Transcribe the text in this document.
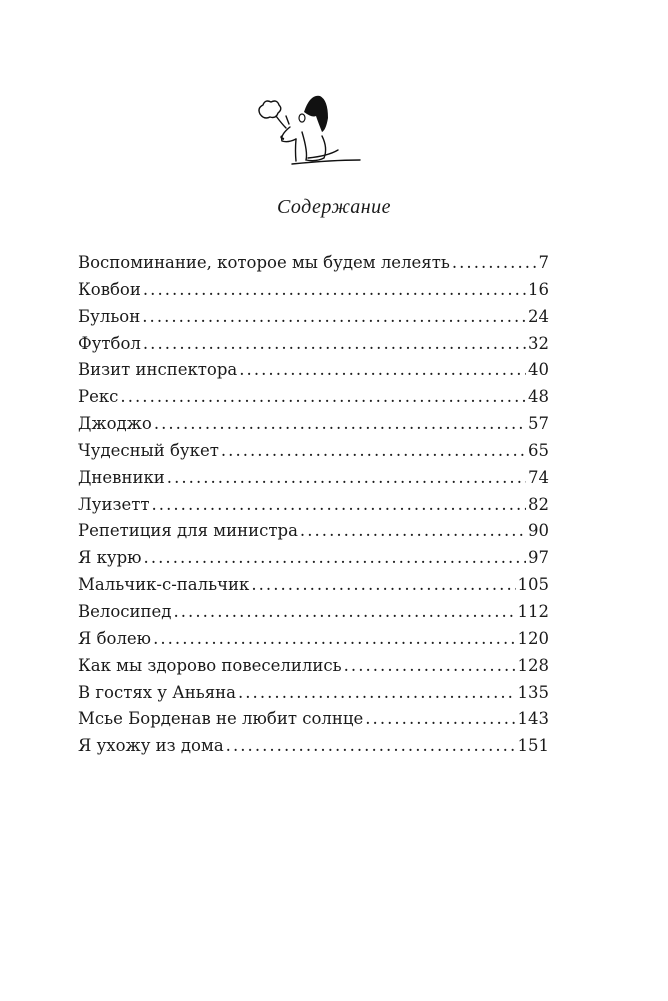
Содержание
Воспоминание, которое мы будем лелеять . . .	7
Ковбои . . .	16
Бульон . . .	24
Футбол . . .	32
Визит инспектора . . .	40
Рекс . . .	48
Джоджо . . .	57
Чудесный букет . . .	65
Дневники . . .	74
Луизетт . . .	82
Репетиция для министра . . .	90
Я курю . . .	97
Мальчик-с-пальчик . . .	105
Велосипед . . .	112
Я болею . . .	120
Как мы здорово повеселились . . .	128
В гостях у Аньяна . . .	135
Мсье Борденав не любит солнце . . .	143
Я ухожу из дома . . .	151
